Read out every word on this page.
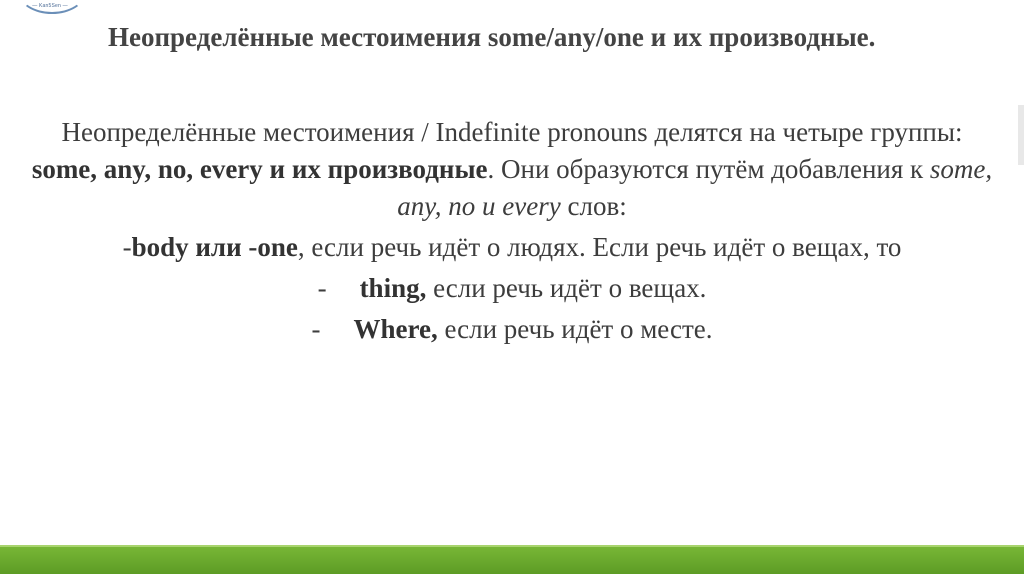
— Kan5Sen —
Неопределённые местоимения some/any/one и их производные.

Неопределённые местоимения / Indefinite pronouns делятся на четыре группы: some, any, no, every и их производные. Они образуются путём добавления к some, any, no и every слов:

-body или -one, если речь идёт о людях. Если речь идёт о вещах, то

- thing, если речь идёт о вещах.

- Where, если речь идёт о месте.
